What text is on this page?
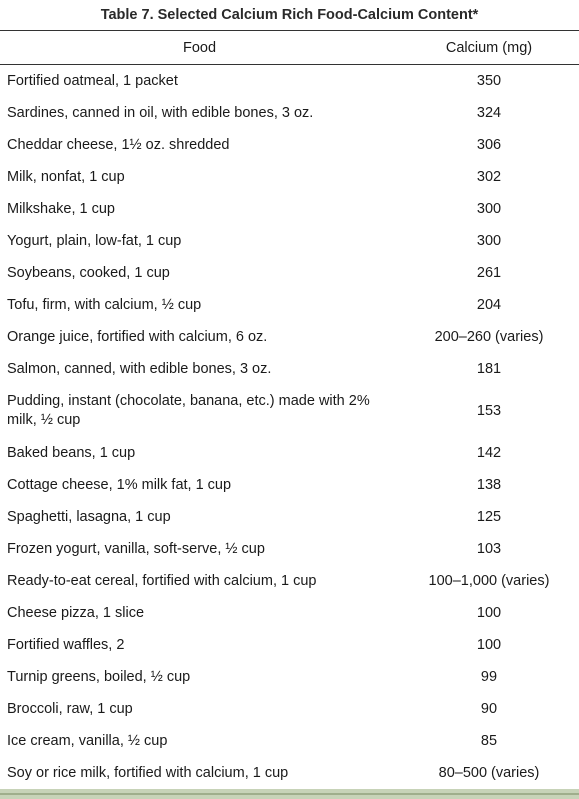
Table 7. Selected Calcium Rich Food-Calcium Content*
Food	Calcium (mg)
Fortified oatmeal, 1 packet	350
Sardines, canned in oil, with edible bones, 3 oz.	324
Cheddar cheese, 1½ oz. shredded	306
Milk, nonfat, 1 cup	302
Milkshake, 1 cup	300
Yogurt, plain, low-fat, 1 cup	300
Soybeans, cooked, 1 cup	261
Tofu, firm, with calcium, ½ cup	204
Orange juice, fortified with calcium, 6 oz.	200–260 (varies)
Salmon, canned, with edible bones, 3 oz.	181
Pudding, instant (chocolate, banana, etc.) made with 2% milk, ½ cup	153
Baked beans, 1 cup	142
Cottage cheese, 1% milk fat, 1 cup	138
Spaghetti, lasagna, 1 cup	125
Frozen yogurt, vanilla, soft-serve, ½ cup	103
Ready-to-eat cereal, fortified with calcium, 1 cup	100–1,000 (varies)
Cheese pizza, 1 slice	100
Fortified waffles, 2	100
Turnip greens, boiled, ½ cup	99
Broccoli, raw, 1 cup	90
Ice cream, vanilla, ½ cup	85
Soy or rice milk, fortified with calcium, 1 cup	80–500 (varies)
